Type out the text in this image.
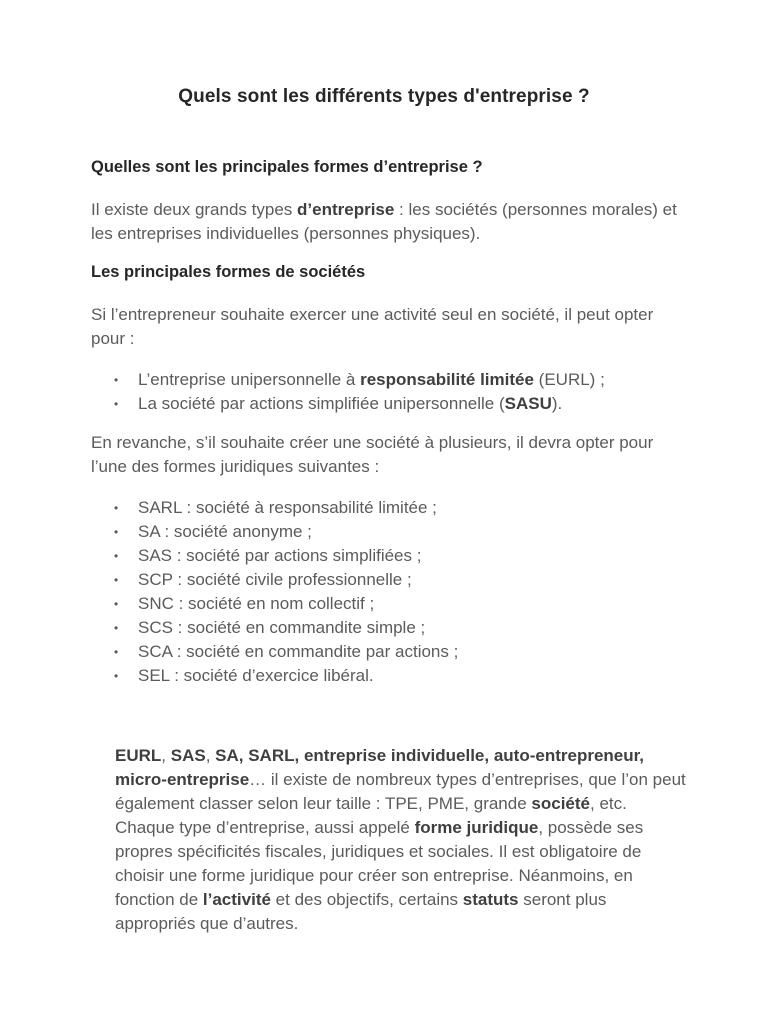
Quels sont les différents types d'entreprise ?
Quelles sont les principales formes d’entreprise ?

Il existe deux grands types d’entreprise : les sociétés (personnes morales) et les entreprises individuelles (personnes physiques).

Les principales formes de sociétés

Si l’entrepreneur souhaite exercer une activité seul en société, il peut opter pour :

• L’entreprise unipersonnelle à responsabilité limitée (EURL) ;
• La société par actions simplifiée unipersonnelle (SASU).

En revanche, s’il souhaite créer une société à plusieurs, il devra opter pour l’une des formes juridiques suivantes :

• SARL : société à responsabilité limitée ;
• SA : société anonyme ;
• SAS : société par actions simplifiées ;
• SCP : société civile professionnelle ;
• SNC : société en nom collectif ;
• SCS : société en commandite simple ;
• SCA : société en commandite par actions ;
• SEL : société d’exercice libéral.

EURL, SAS, SA, SARL, entreprise individuelle, auto-entrepreneur, micro-entreprise… il existe de nombreux types d’entreprises, que l’on peut également classer selon leur taille : TPE, PME, grande société, etc. Chaque type d’entreprise, aussi appelé forme juridique, possède ses propres spécificités fiscales, juridiques et sociales. Il est obligatoire de choisir une forme juridique pour créer son entreprise. Néanmoins, en fonction de l’activité et des objectifs, certains statuts seront plus appropriés que d’autres.
